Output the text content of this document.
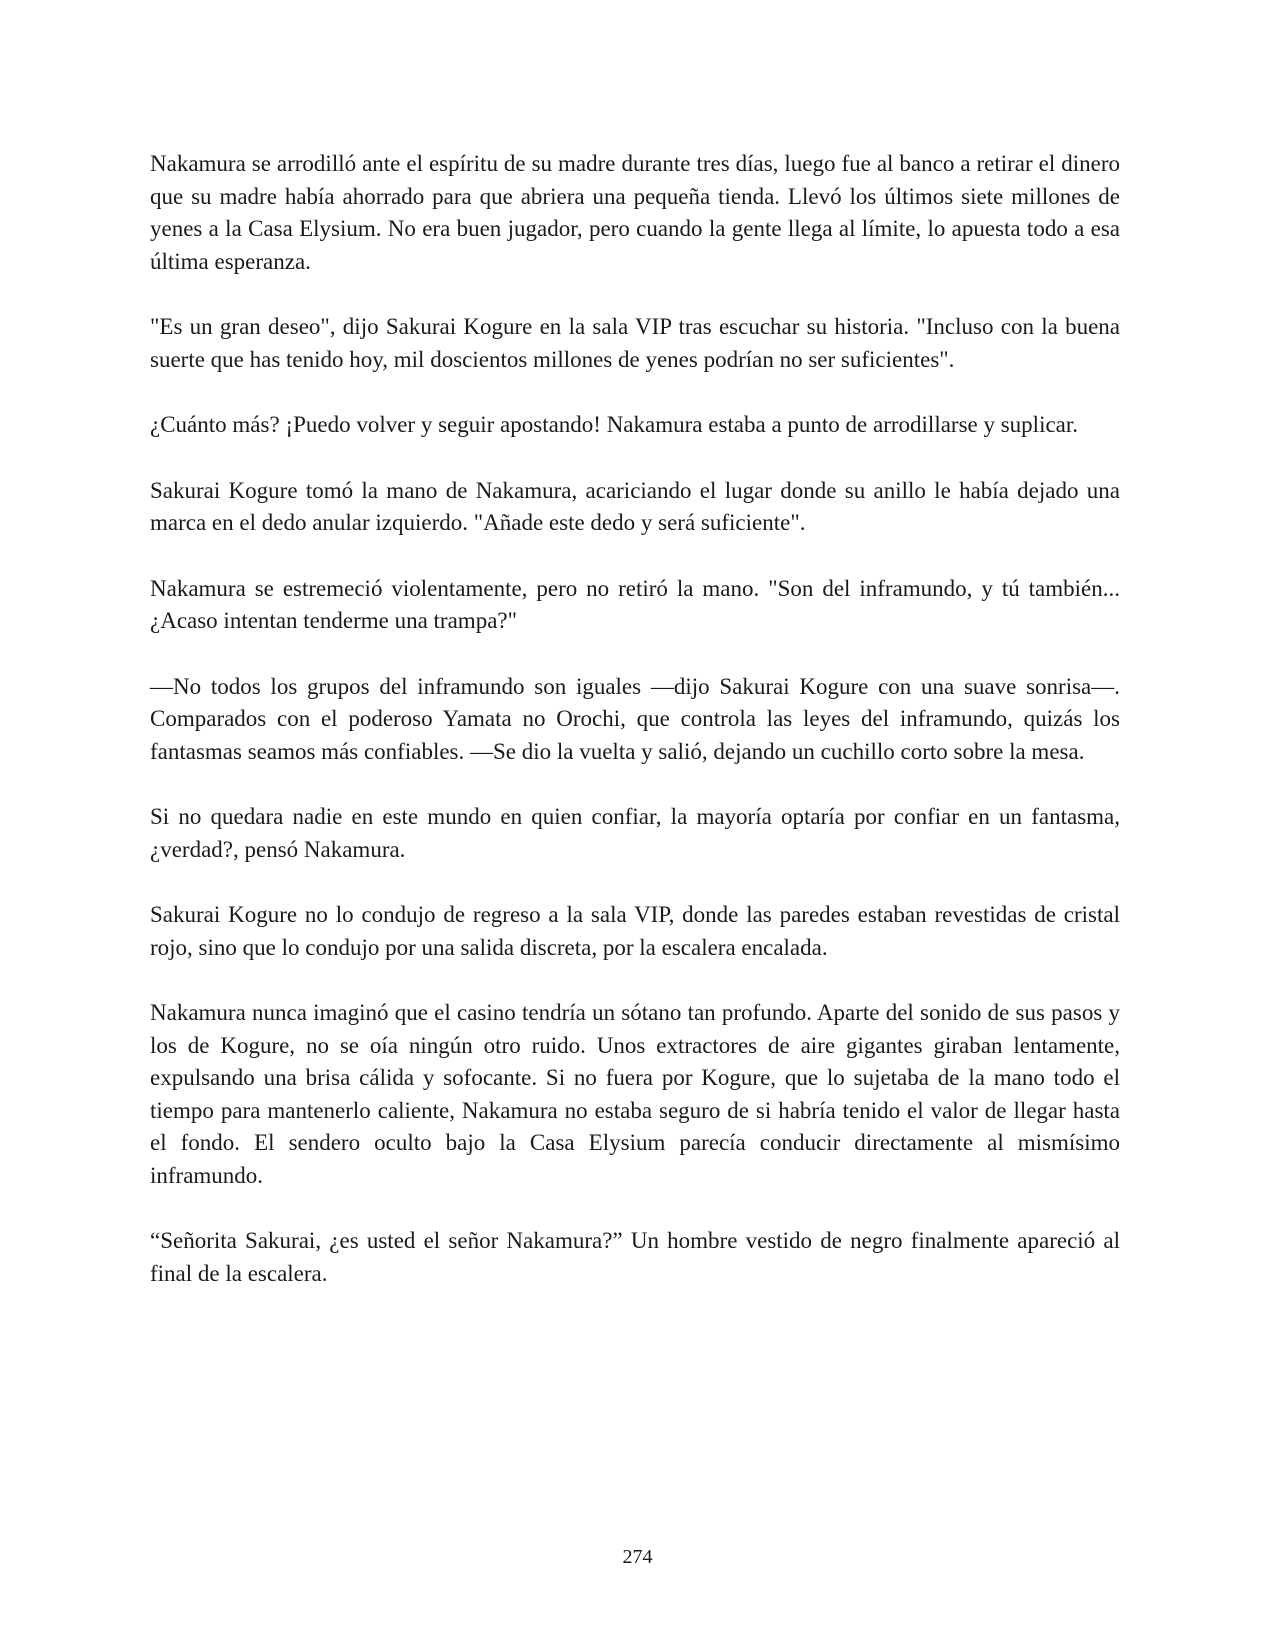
Nakamura se arrodilló ante el espíritu de su madre durante tres días, luego fue al banco a retirar el dinero que su madre había ahorrado para que abriera una pequeña tienda. Llevó los últimos siete millones de yenes a la Casa Elysium. No era buen jugador, pero cuando la gente llega al límite, lo apuesta todo a esa última esperanza.

"Es un gran deseo", dijo Sakurai Kogure en la sala VIP tras escuchar su historia. "Incluso con la buena suerte que has tenido hoy, mil doscientos millones de yenes podrían no ser suficientes".

¿Cuánto más? ¡Puedo volver y seguir apostando! Nakamura estaba a punto de arrodillarse y suplicar.

Sakurai Kogure tomó la mano de Nakamura, acariciando el lugar donde su anillo le había dejado una marca en el dedo anular izquierdo. "Añade este dedo y será suficiente".

Nakamura se estremeció violentamente, pero no retiró la mano. "Son del inframundo, y tú también... ¿Acaso intentan tenderme una trampa?"

—No todos los grupos del inframundo son iguales —dijo Sakurai Kogure con una suave sonrisa—. Comparados con el poderoso Yamata no Orochi, que controla las leyes del inframundo, quizás los fantasmas seamos más confiables. —Se dio la vuelta y salió, dejando un cuchillo corto sobre la mesa.

Si no quedara nadie en este mundo en quien confiar, la mayoría optaría por confiar en un fantasma, ¿verdad?, pensó Nakamura.

Sakurai Kogure no lo condujo de regreso a la sala VIP, donde las paredes estaban revestidas de cristal rojo, sino que lo condujo por una salida discreta, por la escalera encalada.

Nakamura nunca imaginó que el casino tendría un sótano tan profundo. Aparte del sonido de sus pasos y los de Kogure, no se oía ningún otro ruido. Unos extractores de aire gigantes giraban lentamente, expulsando una brisa cálida y sofocante. Si no fuera por Kogure, que lo sujetaba de la mano todo el tiempo para mantenerlo caliente, Nakamura no estaba seguro de si habría tenido el valor de llegar hasta el fondo. El sendero oculto bajo la Casa Elysium parecía conducir directamente al mismísimo inframundo.

“Señorita Sakurai, ¿es usted el señor Nakamura?” Un hombre vestido de negro finalmente apareció al final de la escalera.

274
